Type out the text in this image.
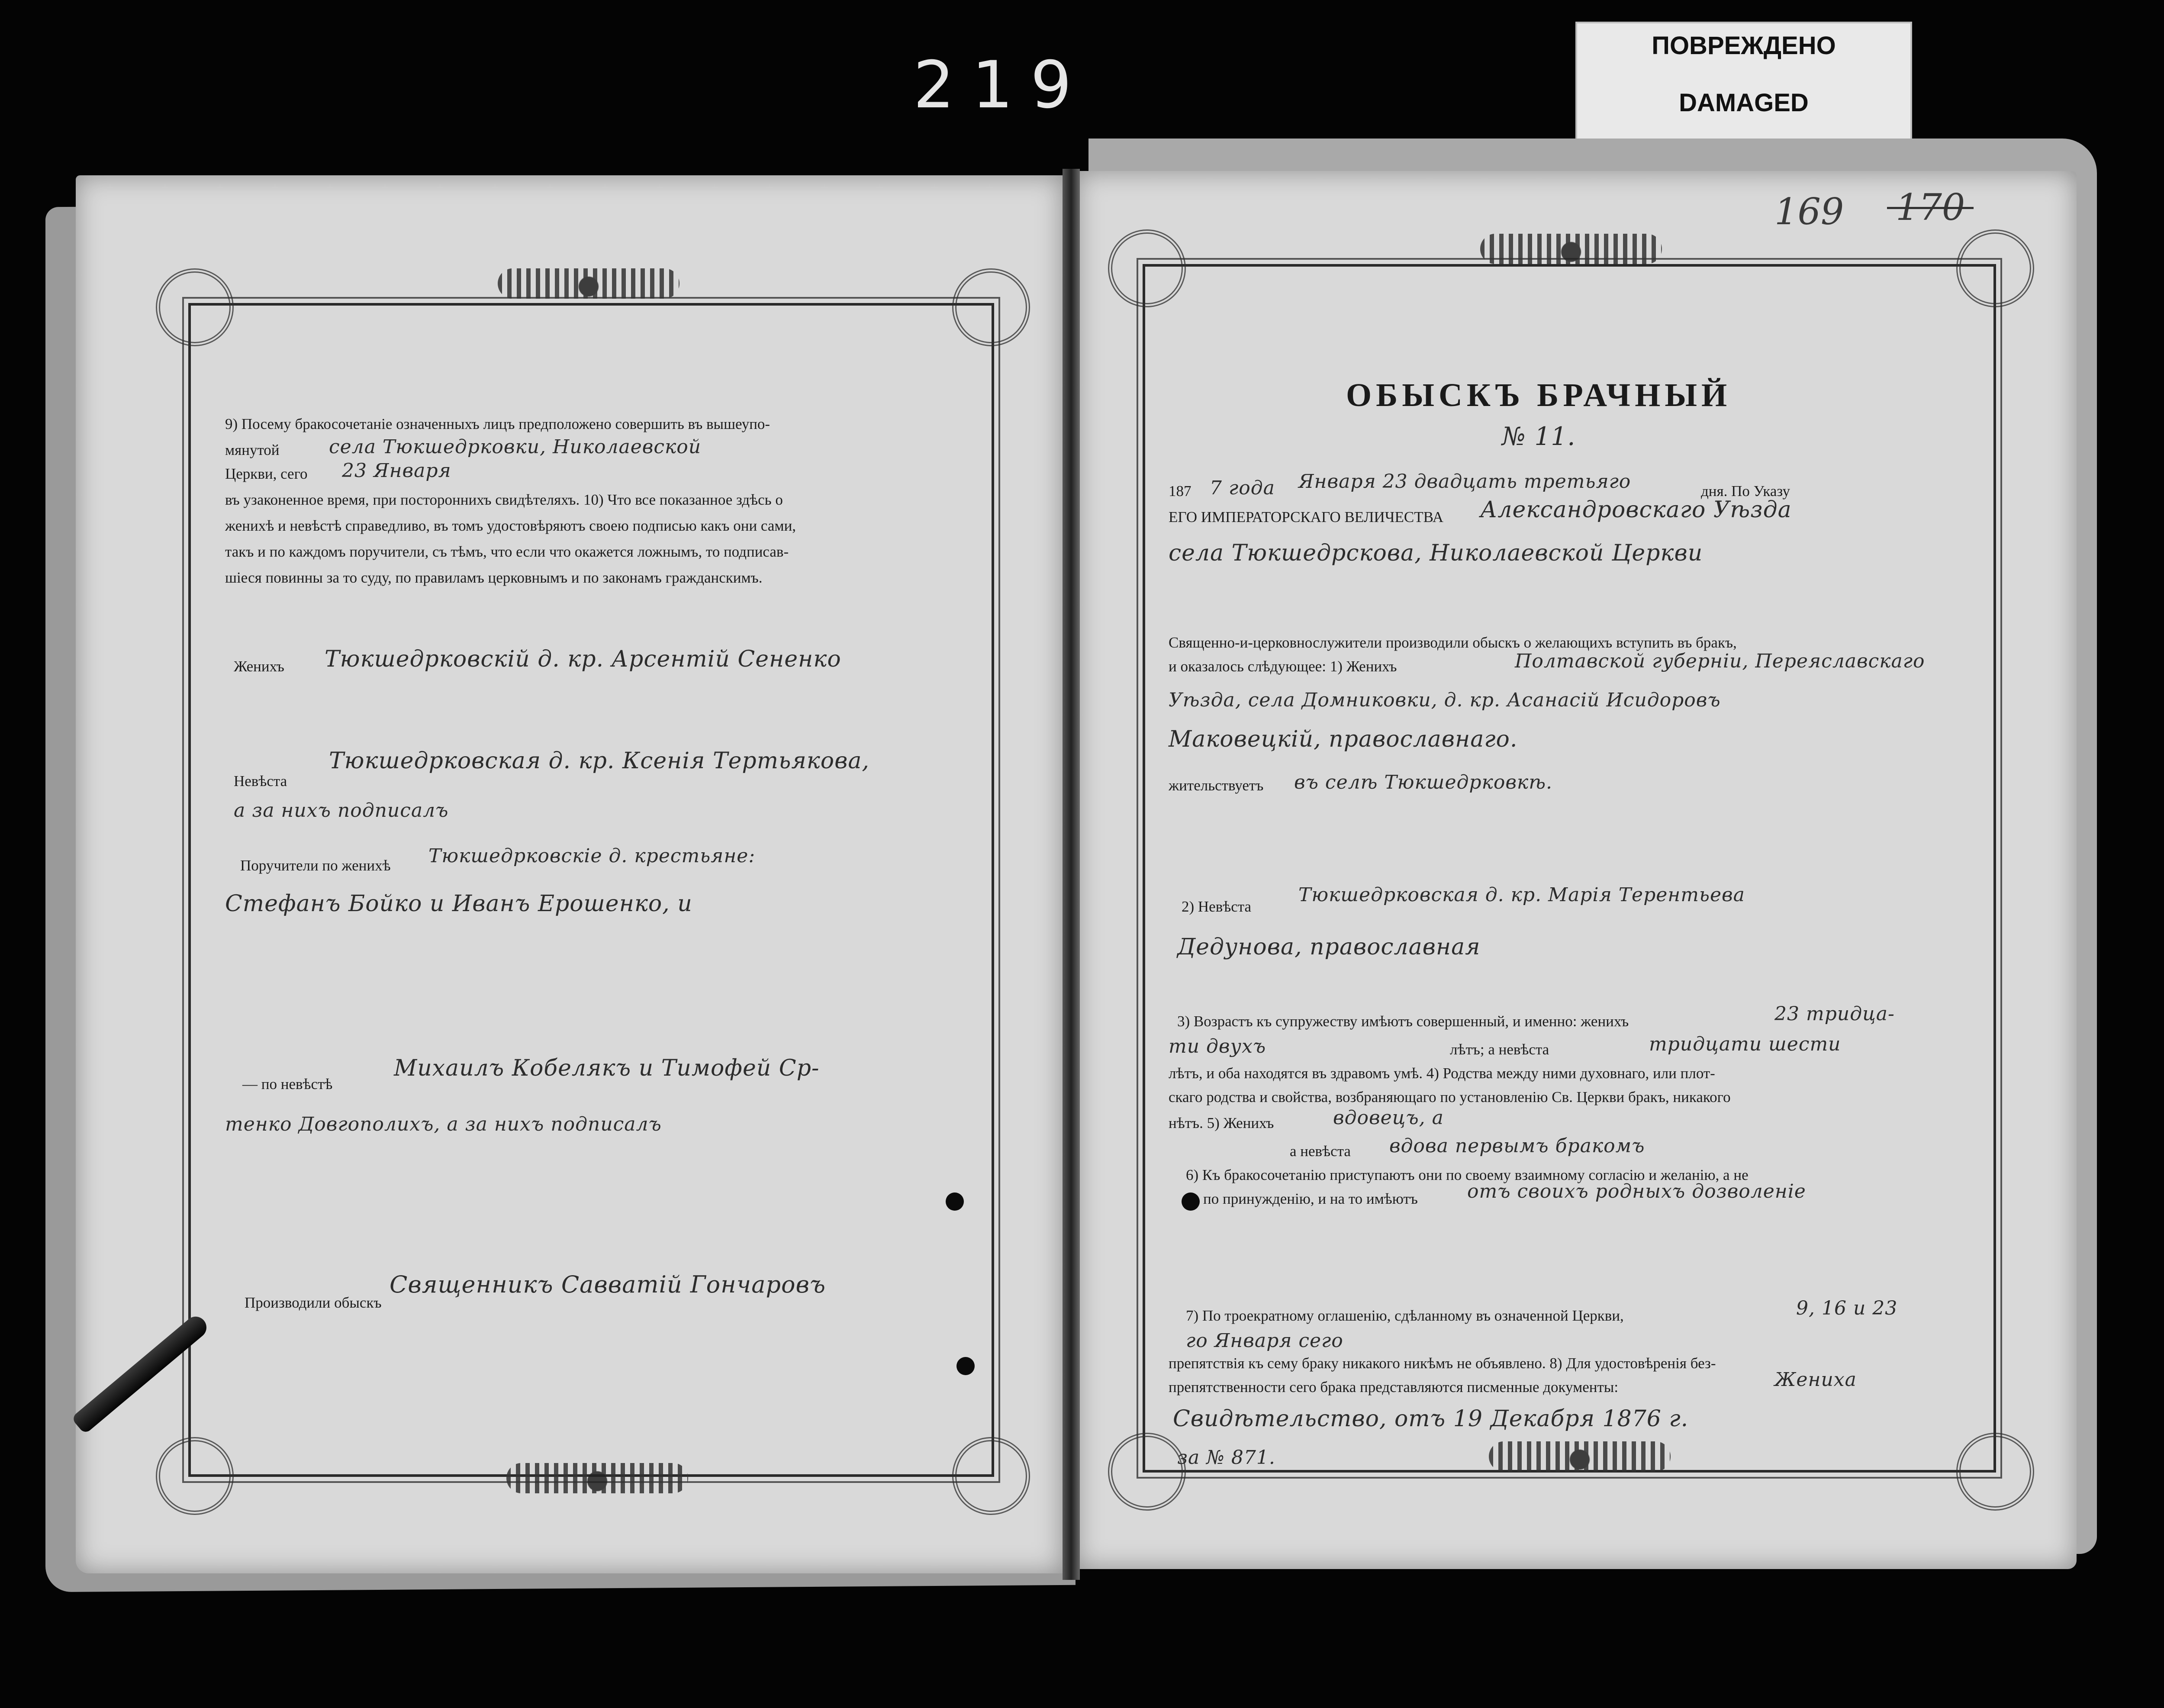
219
ПОВРЕЖДЕНО
DAMAGED
9) Посему бракосочетаніе означенныхъ лицъ предположено совершить въ вышеупо-
мянутой	села Тюкшедрковки, Николаевской
Церкви, сего 23 Января
въ узаконенное время, при постороннихъ свидѣтеляхъ. 10) Что все показанное здѣсь о
женихѣ и невѣстѣ справедливо, въ томъ удостовѣряютъ своею подписью какъ они сами,
такъ и по каждомъ поручители, съ тѣмъ, что если что окажется ложнымъ, то подписав-
шіеся повинны за то суду, по правиламъ церковнымъ и по законамъ гражданскимъ.
Женихъ Тюкшедрковскій д. кр. Арсентій Сененко
Невѣста
Тюкшедрковская д. кр. Ксенія Тертьякова,
а за нихъ подписалъ
Поручители по женихѣ Тюкшедрковскіе д. крестьяне:
Стефанъ Бойко и Иванъ Ерошенко, и
— по невѣстѣ
Михаилъ Кобелякъ и Тимофей Ср-
тенко Довгополихъ, а за нихъ подписалъ
Производили обыскъ
Священникъ Савватій Гончаровъ
169 170
ОБЫСКЪ БРАЧНЫЙ
№ 11.
187 7 года Января 23 двадцать третьяго	дня. По Указу
ЕГО ИМПЕРАТОРСКАГО ВЕЛИЧЕСТВА Александровскаго Уѣзда
села Тюкшедрскова, Николаевской Церкви
Священно-и-церковнослужители производили обыскъ о желающихъ вступить въ бракъ,
и оказалось слѣдующее: 1) Женихъ	Полтавской губерніи, Переяславскаго
Уѣзда, села Домниковки, д. кр. Асанасій Исидоровъ
Маковецкій, православнаго.
жительствуетъ въ селѣ Тюкшедрковкѣ.
2) Невѣста
Тюкшедрковская д. кр. Марія Терентьева
Дедунова, православная
3) Возрастъ къ супружеству имѣютъ совершенный, и именно: женихъ	23 тридца-
ти двухъ	лѣтъ; а невѣста	тридцати шести
лѣтъ, и оба находятся въ здравомъ умѣ. 4) Родства между ними духовнаго, или плот-
скаго родства и свойства, возбраняющаго по установленію Св. Церкви бракъ, никакого
нѣтъ. 5) Женихъ	вдовецъ, а
а невѣста вдова первымъ бракомъ
6) Къ бракосочетанію приступаютъ они по своему взаимному согласію и желанію, а не
по принужденію, и на то имѣютъ	отъ своихъ родныхъ дозволеніе
7) По троекратному оглашенію, сдѣланному въ означенной Церкви,	9, 16 и 23
го Января сего
препятствія къ сему браку никакого никѣмъ не объявлено. 8) Для удостовѣренія без-
препятственности сего брака представляются писменные документы:	Жениха
Свидѣтельство, отъ 19 Декабря 1876 г.
за № 871.
